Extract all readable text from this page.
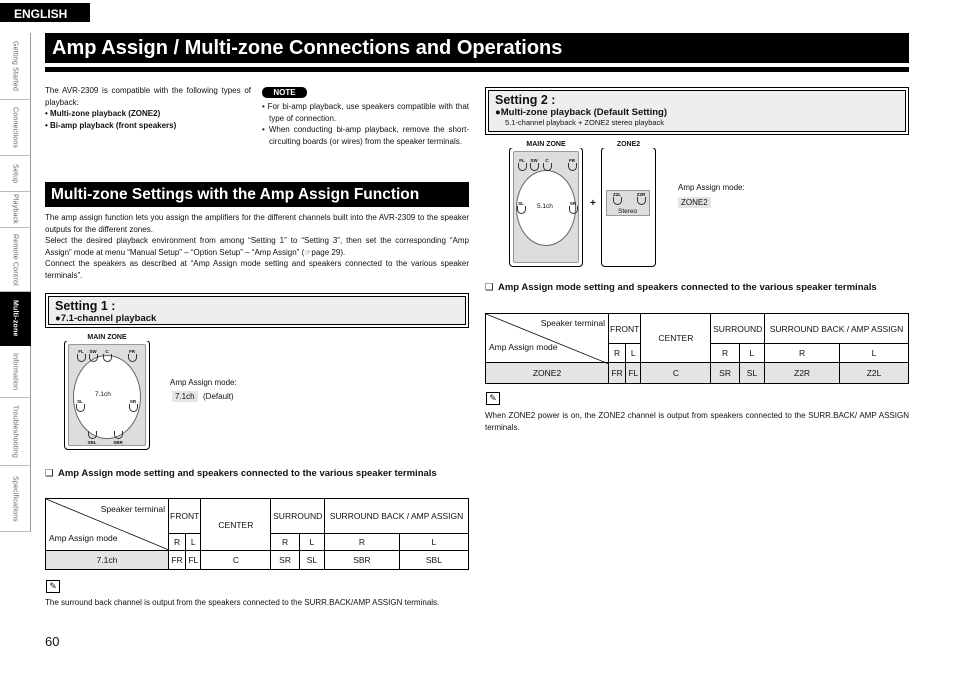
ENGLISH
Getting Started
Connections
Setup
Playback
Remote Control
Multi-zone
Information
Troubleshooting
Specifications
60
Amp Assign / Multi-zone Connections and Operations
The AVR-2309 is compatible with the following types of playback:
• Multi-zone playback (ZONE2)
• Bi-amp playback (front speakers)
NOTE
• For bi-amp playback, use speakers compatible with that type of connection.
• When conducting bi-amp playback, remove the short-circuiting boards (or wires) from the speaker terminals.
Multi-zone Settings with the Amp Assign Function
The amp assign function lets you assign the amplifiers for the different channels built into the AVR-2309 to the speaker outputs for the different zones.
Select the desired playback environment from among “Setting 1” to “Setting 3”, then set the corresponding “Amp Assign” mode at menu “Manual Setup” – “Option Setup” – “Amp Assign” (☞page 29).
Connect the speakers as described at “Amp Assign mode setting and speakers connected to the various speaker terminals”.
Setting 1 :
●7.1-channel playback
MAIN ZONE
FL	SW	C	FR
SL	SR
SBL	SBR
7.1ch
Amp Assign mode:
7.1ch	(Default)
❑ Amp Assign mode setting and speakers connected to the various speaker terminals
Speaker terminal
Amp Assign mode	FRONT		CENTER	SURROUND		SURROUND BACK / AMP ASSIGN	
	R	L		R	L	R	L
7.1ch	FR	FL	C	SR	SL	SBR	SBL
✎
The surround back channel is output from the speakers connected to the SURR.BACK/AMP ASSIGN terminals.
Setting 2 :
●Multi-zone playback (Default Setting)
5.1-channel playback + ZONE2 stereo playback
MAIN ZONE
FL	SW	C	FR
SL	SR
5.1ch	+
ZONE2
Z2L	Z2R
Stereo
Amp Assign mode:
ZONE2
❑ Amp Assign mode setting and speakers connected to the various speaker terminals
Speaker terminal
Amp Assign mode	FRONT		CENTER	SURROUND		SURROUND BACK / AMP ASSIGN	
	R	L		R	L	R	L
ZONE2	FR	FL	C	SR	SL	Z2R	Z2L
✎
When ZONE2 power is on, the ZONE2 channel is output from speakers connected to the SURR.BACK/ AMP ASSIGN terminals.
